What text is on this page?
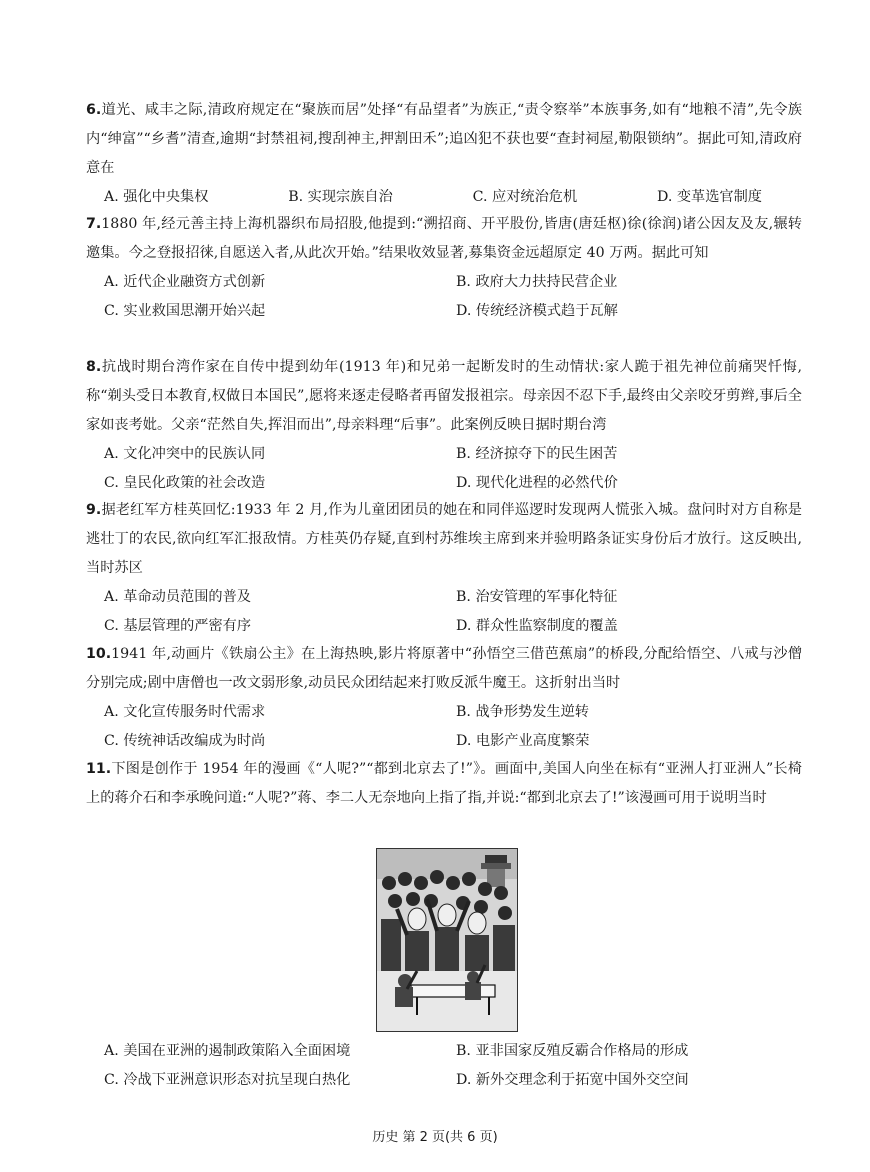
6.道光、咸丰之际,清政府规定在“聚族而居”处择“有品望者”为族正,“责令察举”本族事务,如有“地粮不清”,先令族内“绅富”“乡耆”清查,逾期“封禁祖祠,搜刮神主,押割田禾”;追凶犯不获也要“查封祠屋,勒限锁纳”。据此可知,清政府意在
A. 强化中央集权	B. 实现宗族自治	C. 应对统治危机	D. 变革选官制度
7.1880 年,经元善主持上海机器织布局招股,他提到:“溯招商、开平股份,皆唐(唐廷枢)徐(徐润)诸公因友及友,辗转邀集。今之登报招徕,自愿送入者,从此次开始。”结果收效显著,募集资金远超原定 40 万两。据此可知
A. 近代企业融资方式创新	B. 政府大力扶持民营企业
C. 实业救国思潮开始兴起	D. 传统经济模式趋于瓦解
8.抗战时期台湾作家在自传中提到幼年(1913 年)和兄弟一起断发时的生动情状:家人跪于祖先神位前痛哭忏悔,称“剃头受日本教育,权做日本国民”,愿将来逐走侵略者再留发报祖宗。母亲因不忍下手,最终由父亲咬牙剪辫,事后全家如丧考妣。父亲“茫然自失,挥泪而出”,母亲料理“后事”。此案例反映日据时期台湾
A. 文化冲突中的民族认同	B. 经济掠夺下的民生困苦
C. 皇民化政策的社会改造	D. 现代化进程的必然代价
9.据老红军方桂英回忆:1933 年 2 月,作为儿童团团员的她在和同伴巡逻时发现两人慌张入城。盘问时对方自称是逃壮丁的农民,欲向红军汇报敌情。方桂英仍存疑,直到村苏维埃主席到来并验明路条证实身份后才放行。这反映出,当时苏区
A. 革命动员范围的普及	B. 治安管理的军事化特征
C. 基层管理的严密有序	D. 群众性监察制度的覆盖
10.1941 年,动画片《铁扇公主》在上海热映,影片将原著中“孙悟空三借芭蕉扇”的桥段,分配给悟空、八戒与沙僧分别完成;剧中唐僧也一改文弱形象,动员民众团结起来打败反派牛魔王。这折射出当时
A. 文化宣传服务时代需求	B. 战争形势发生逆转
C. 传统神话改编成为时尚	D. 电影产业高度繁荣
11.下图是创作于 1954 年的漫画《“人呢?”“都到北京去了!”》。画面中,美国人向坐在标有“亚洲人打亚洲人”长椅上的蒋介石和李承晚问道:“人呢?”蒋、李二人无奈地向上指了指,并说:“都到北京去了!”该漫画可用于说明当时
A. 美国在亚洲的遏制政策陷入全面困境	B. 亚非国家反殖反霸合作格局的形成
C. 冷战下亚洲意识形态对抗呈现白热化	D. 新外交理念利于拓宽中国外交空间
历史 第 2 页(共 6 页)
